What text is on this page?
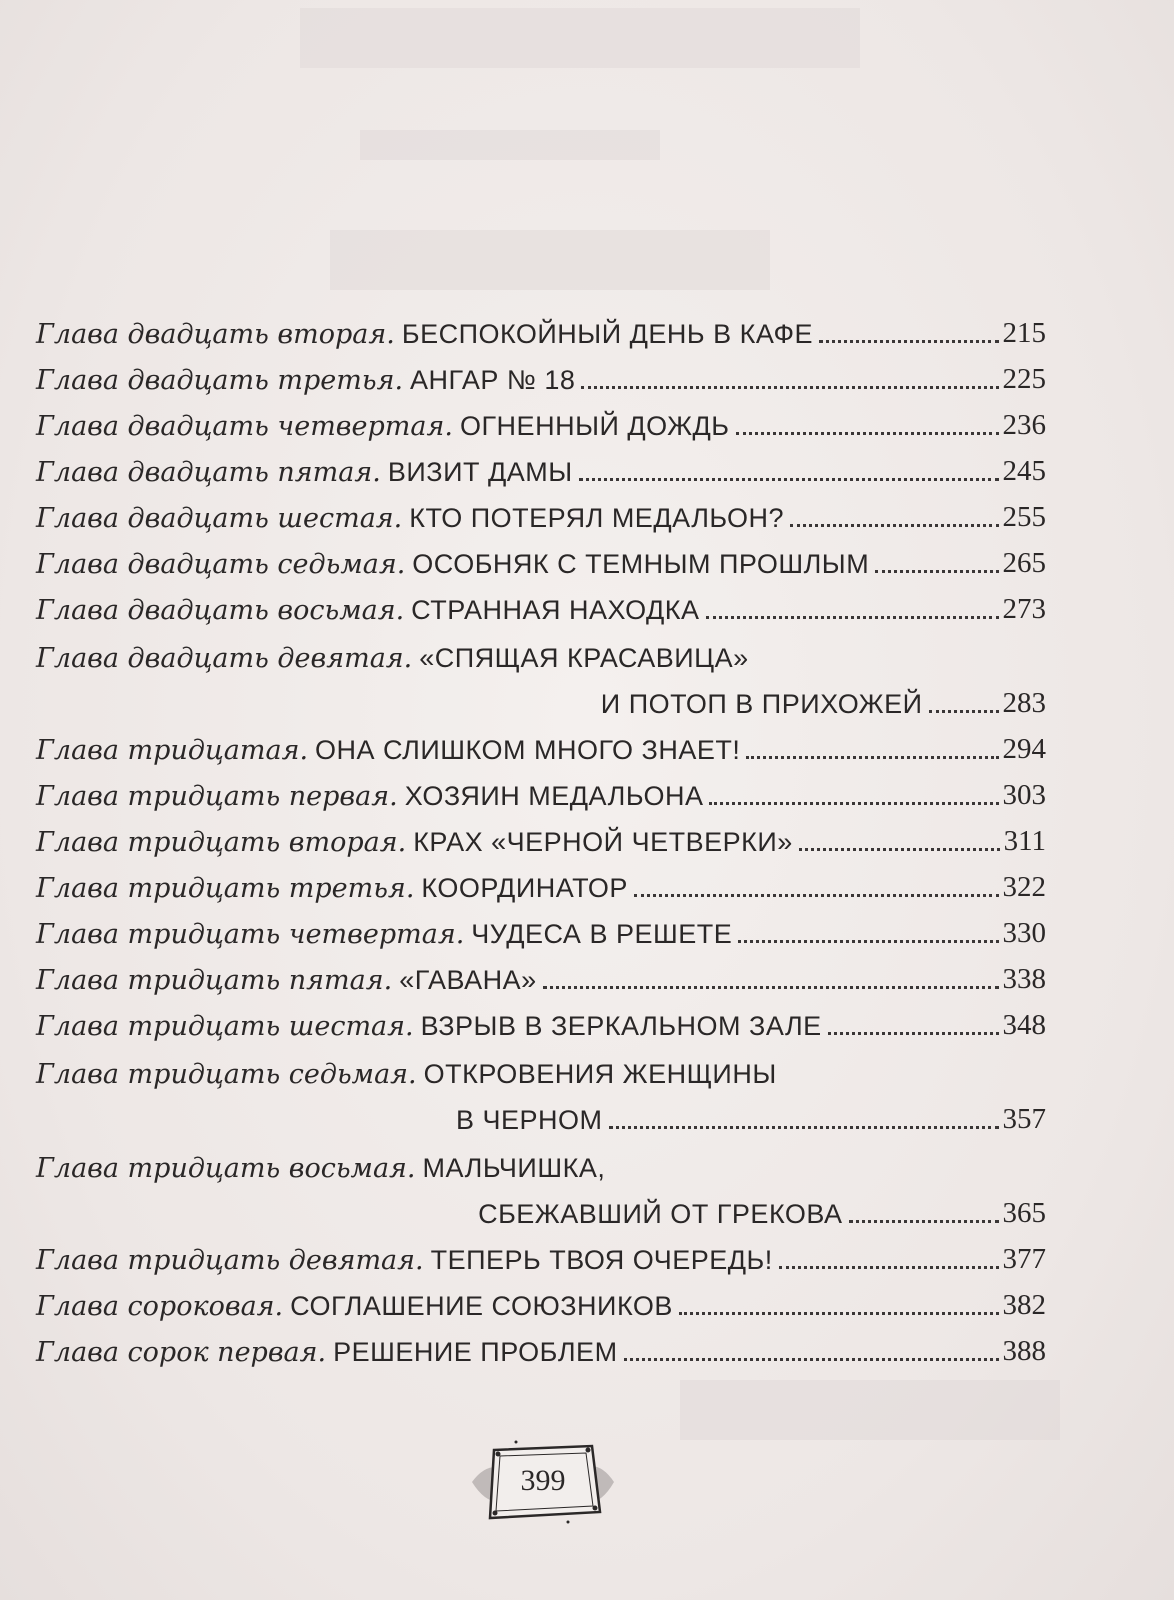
Глава двадцать вторая. БЕСПОКОЙНЫЙ ДЕНЬ В КАФЕ	215
Глава двадцать третья. АНГАР № 18	225
Глава двадцать четвертая. ОГНЕННЫЙ ДОЖДЬ	236
Глава двадцать пятая. ВИЗИТ ДАМЫ	245
Глава двадцать шестая. КТО ПОТЕРЯЛ МЕДАЛЬОН?	255
Глава двадцать седьмая. ОСОБНЯК С ТЕМНЫМ ПРОШЛЫМ	265
Глава двадцать восьмая. СТРАННАЯ НАХОДКА	273
Глава двадцать девятая. «СПЯЩАЯ КРАСАВИЦА»
И ПОТОП В ПРИХОЖЕЙ	283
Глава тридцатая. ОНА СЛИШКОМ МНОГО ЗНАЕТ!	294
Глава тридцать первая. ХОЗЯИН МЕДАЛЬОНА	303
Глава тридцать вторая. КРАХ «ЧЕРНОЙ ЧЕТВЕРКИ»	311
Глава тридцать третья. КООРДИНАТОР	322
Глава тридцать четвертая. ЧУДЕСА В РЕШЕТЕ	330
Глава тридцать пятая. «ГАВАНА»	338
Глава тридцать шестая. ВЗРЫВ В ЗЕРКАЛЬНОМ ЗАЛЕ	348
Глава тридцать седьмая. ОТКРОВЕНИЯ ЖЕНЩИНЫ
В ЧЕРНОМ	357
Глава тридцать восьмая. МАЛЬЧИШКА,
СБЕЖАВШИЙ ОТ ГРЕКОВА	365
Глава тридцать девятая. ТЕПЕРЬ ТВОЯ ОЧЕРЕДЬ!	377
Глава сороковая. СОГЛАШЕНИЕ СОЮЗНИКОВ	382
Глава сорок первая. РЕШЕНИЕ ПРОБЛЕМ	388
399
